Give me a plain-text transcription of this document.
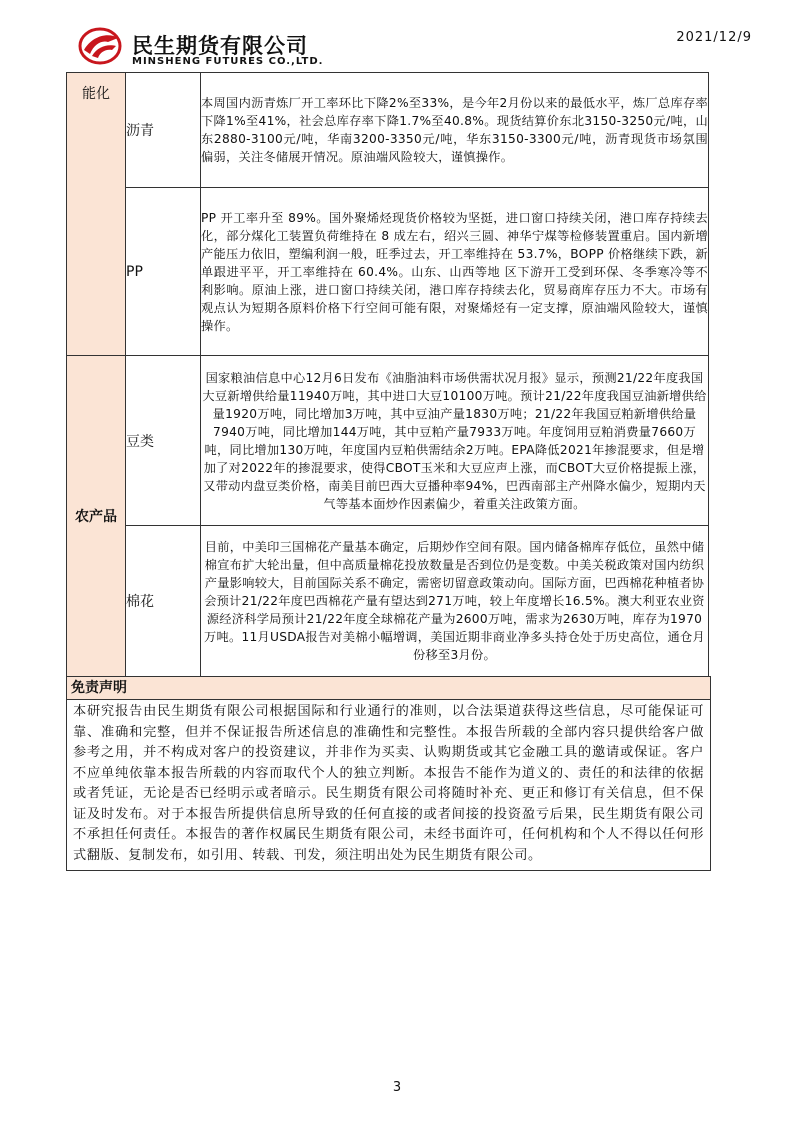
民生期货有限公司
MINSHENG FUTURES CO.,LTD.
2021/12/9
能化	沥青	本周国内沥青炼厂开工率环比下降2%至33%，是今年2月份以来的最低水平，炼厂总库存率下降1%至41%，社会总库存率下降1.7%至40.8%。现货结算价东北3150-3250元/吨，山东2880-3100元/吨，华南3200-3350元/吨，华东3150-3300元/吨，沥青现货市场氛围偏弱，关注冬储展开情况。原油端风险较大，谨慎操作。
	PP	PP 开工率升至 89%。国外聚烯烃现货价格较为坚挺，进口窗口持续关闭，港口库存持续去化，部分煤化工装置负荷维持在 8 成左右，绍兴三圆、神华宁煤等检修装置重启。国内新增产能压力依旧，塑编利润一般，旺季过去，开工率维持在 53.7%，BOPP 价格继续下跌，新单跟进平平，开工率维持在 60.4%。山东、山西等地 区下游开工受到环保、冬季寒冷等不利影响。原油上涨，进口窗口持续关闭，港口库存持续去化，贸易商库存压力不大。市场有观点认为短期各原料价格下行空间可能有限，对聚烯烃有一定支撑，原油端风险较大，谨慎操作。
农产品	豆类	国家粮油信息中心12月6日发布《油脂油料市场供需状况月报》显示，预测21/22年度我国大豆新增供给量11940万吨，其中进口大豆10100万吨。预计21/22年度我国豆油新增供给量1920万吨，同比增加3万吨，其中豆油产量1830万吨；21/22年我国豆粕新增供给量7940万吨，同比增加144万吨，其中豆粕产量7933万吨。年度饲用豆粕消费量7660万吨，同比增加130万吨，年度国内豆粕供需结余2万吨。EPA降低2021年掺混要求，但是增加了对2022年的掺混要求，使得CBOT玉米和大豆应声上涨，而CBOT大豆价格提振上涨，又带动内盘豆类价格，南美目前巴西大豆播种率94%，巴西南部主产州降水偏少，短期内天气等基本面炒作因素偏少，着重关注政策方面。
	棉花	目前，中美印三国棉花产量基本确定，后期炒作空间有限。国内储备棉库存低位，虽然中储棉宣布扩大轮出量，但中高质量棉花投放数量是否到位仍是变数。中美关税政策对国内纺织产量影响较大，目前国际关系不确定，需密切留意政策动向。国际方面，巴西棉花种植者协会预计21/22年度巴西棉花产量有望达到271万吨，较上年度增长16.5%。澳大利亚农业资源经济科学局预计21/22年度全球棉花产量为2600万吨，需求为2630万吨，库存为1970万吨。11月USDA报告对美棉小幅增调，美国近期非商业净多头持仓处于历史高位，通仓月份移至3月份。
免责声明
本研究报告由民生期货有限公司根据国际和行业通行的准则，以合法渠道获得这些信息，尽可能保证可靠、准确和完整，但并不保证报告所述信息的准确性和完整性。本报告所载的全部内容只提供给客户做参考之用，并不构成对客户的投资建议，并非作为买卖、认购期货或其它金融工具的邀请或保证。客户不应单纯依靠本报告所载的内容而取代个人的独立判断。本报告不能作为道义的、责任的和法律的依据或者凭证，无论是否已经明示或者暗示。民生期货有限公司将随时补充、更正和修订有关信息，但不保证及时发布。对于本报告所提供信息所导致的任何直接的或者间接的投资盈亏后果，民生期货有限公司不承担任何责任。本报告的著作权属民生期货有限公司，未经书面许可，任何机构和个人不得以任何形式翻版、复制发布，如引用、转载、刊发，须注明出处为民生期货有限公司。
3
